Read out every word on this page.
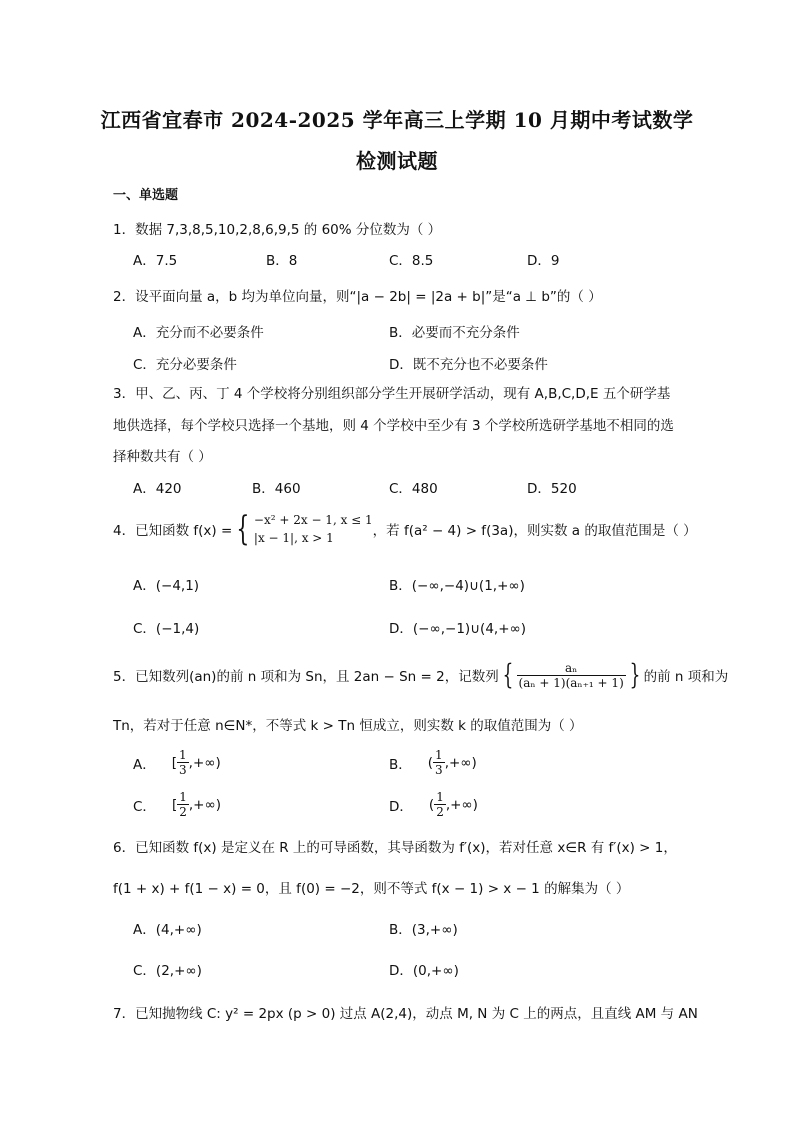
江西省宜春市 2024-2025 学年高三上学期 10 月期中考试数学
检测试题
一、单选题
1．数据 7,3,8,5,10,2,8,6,9,5 的 60% 分位数为（ ）
A．7.5	B．8	C．8.5	D．9
2．设平面向量 a，b 均为单位向量，则“|a − 2b| = |2a + b|”是“a ⊥ b”的（ ）
A．充分而不必要条件	B．必要而不充分条件
C．充分必要条件	D．既不充分也不必要条件
3．甲、乙、丙、丁 4 个学校将分别组织部分学生开展研学活动，现有 A,B,C,D,E 五个研学基
地供选择，每个学校只选择一个基地，则 4 个学校中至少有 3 个学校所选研学基地不相同的选
择种数共有（ ）
A．420	B．460	C．480	D．520
4．已知函数 f(x) = { −x² + 2x − 1, x ≤ 1
|x − 1|, x > 1	，若 f(a² − 4) > f(3a)，则实数 a 的取值范围是（ ）
A．(−4,1)	B．(−∞,−4)∪(1,+∞)
C．(−1,4)	D．(−∞,−1)∪(4,+∞)
5．已知数列(an)的前 n 项和为 Sn，且 2an − Sn = 2，记数列 { $\frac{\text{aₙ}}{\text{(aₙ + 1)(aₙ₊₁ + 1)}}$ } 的前 n 项和为
Tn，若对于任意 n∈N*，不等式 k > Tn 恒成立，则实数 k 的取值范围为（ ）
A． [ $\frac{1}{3}$ ,+∞)	B． ( $\frac{1}{3}$ ,+∞)
C． [ $\frac{1}{2}$ ,+∞)	D． ( $\frac{1}{2}$ ,+∞)
6．已知函数 f(x) 是定义在 R 上的可导函数，其导函数为 f′(x)，若对任意 x∈R 有 f′(x) > 1，
f(1 + x) + f(1 − x) = 0，且 f(0) = −2，则不等式 f(x − 1) > x − 1 的解集为（ ）
A．(4,+∞)	B．(3,+∞)
C．(2,+∞)	D．(0,+∞)
7．已知抛物线 C: y² = 2px (p > 0) 过点 A(2,4)，动点 M, N 为 C 上的两点，且直线 AM 与 AN
